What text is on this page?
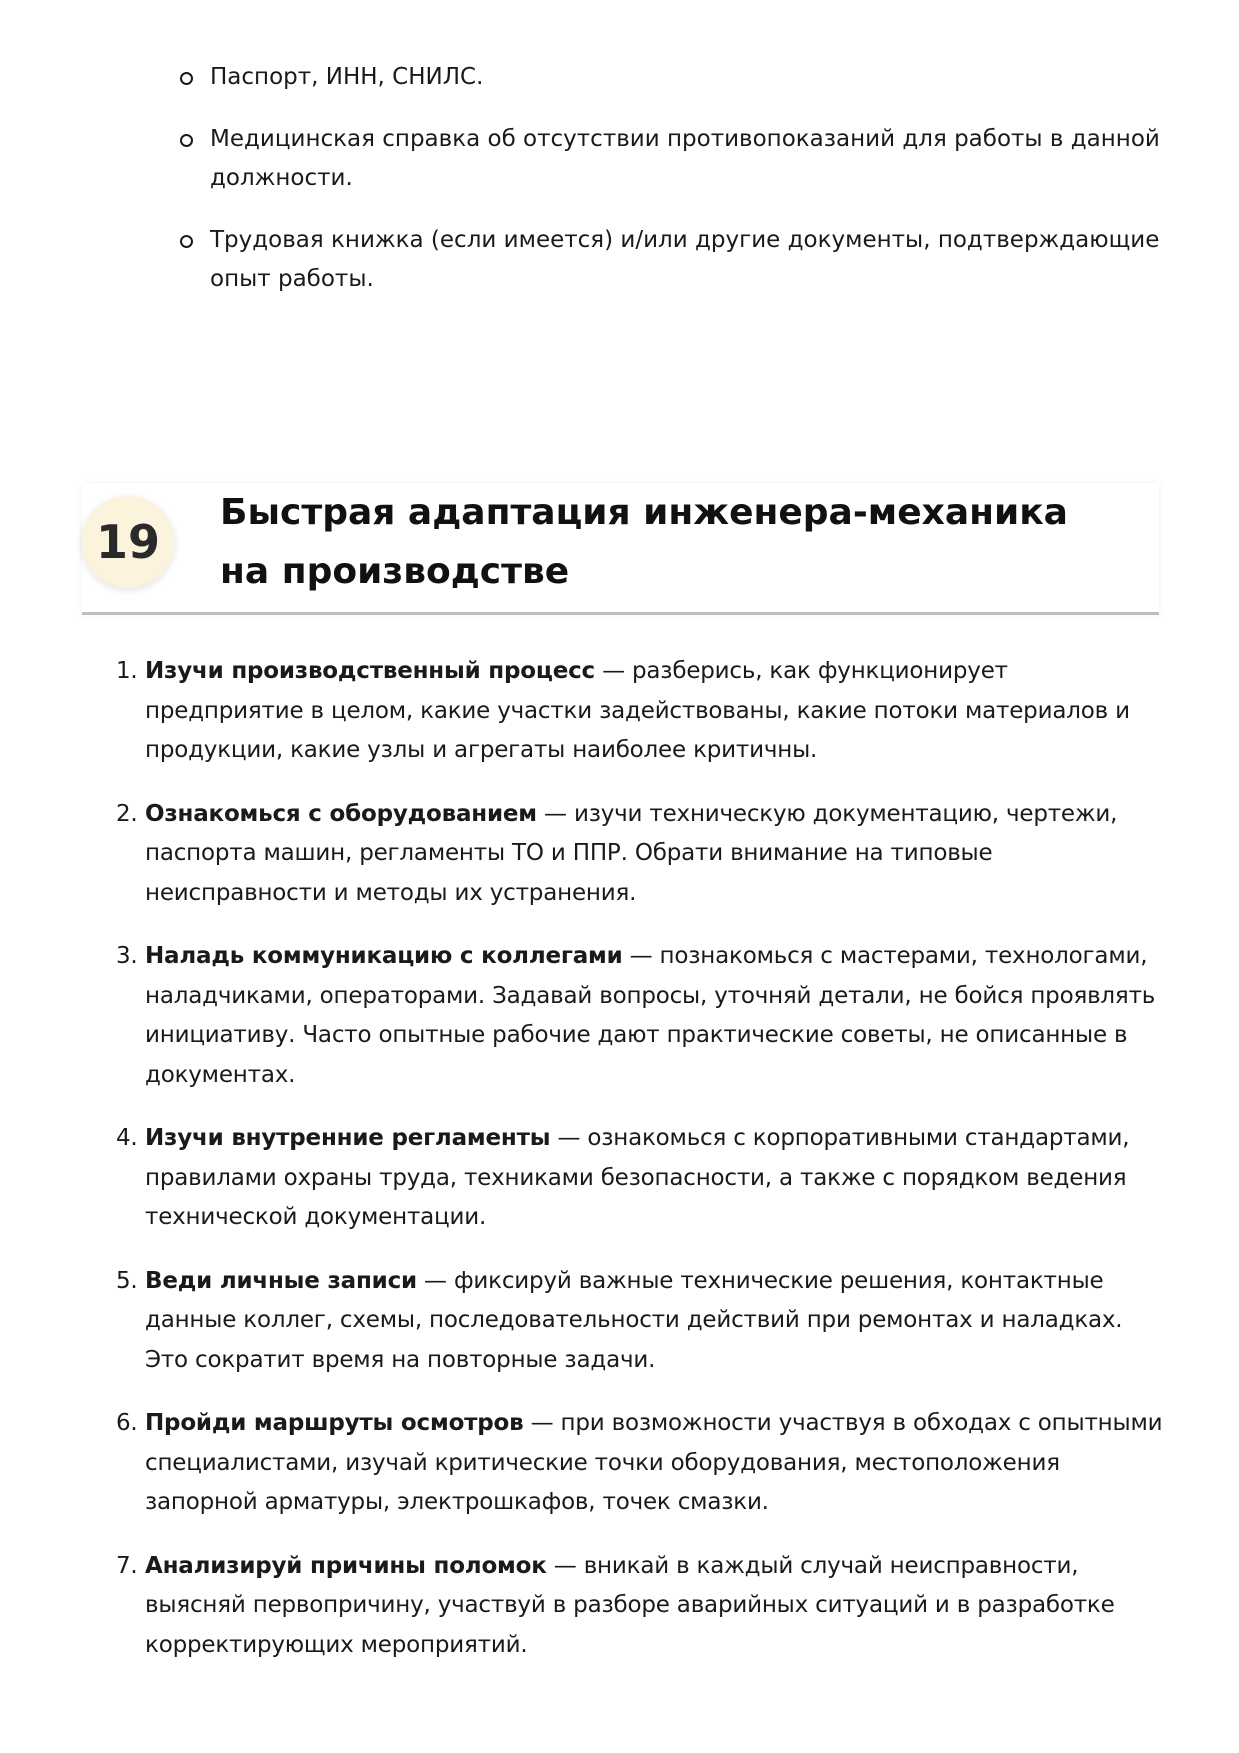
Паспорт, ИНН, СНИЛС.
Медицинская справка об отсутствии противопоказаний для работы в данной должности.
Трудовая книжка (если имеется) и/или другие документы, подтверждающие опыт работы.
19
Быстрая адаптация инженера-механика на производстве
1. Изучи производственный процесс — разберись, как функционирует предприятие в целом, какие участки задействованы, какие потоки материалов и продукции, какие узлы и агрегаты наиболее критичны.
2. Ознакомься с оборудованием — изучи техническую документацию, чертежи, паспорта машин, регламенты ТО и ППР. Обрати внимание на типовые неисправности и методы их устранения.
3. Наладь коммуникацию с коллегами — познакомься с мастерами, технологами, наладчиками, операторами. Задавай вопросы, уточняй детали, не бойся проявлять инициативу. Часто опытные рабочие дают практические советы, не описанные в документах.
4. Изучи внутренние регламенты — ознакомься с корпоративными стандартами, правилами охраны труда, техниками безопасности, а также с порядком ведения технической документации.
5. Веди личные записи — фиксируй важные технические решения, контактные данные коллег, схемы, последовательности действий при ремонтах и наладках. Это сократит время на повторные задачи.
6. Пройди маршруты осмотров — при возможности участвуя в обходах с опытными специалистами, изучай критические точки оборудования, местоположения запорной арматуры, электрошкафов, точек смазки.
7. Анализируй причины поломок — вникай в каждый случай неисправности, выясняй первопричину, участвуй в разборе аварийных ситуаций и в разработке корректирующих мероприятий.
